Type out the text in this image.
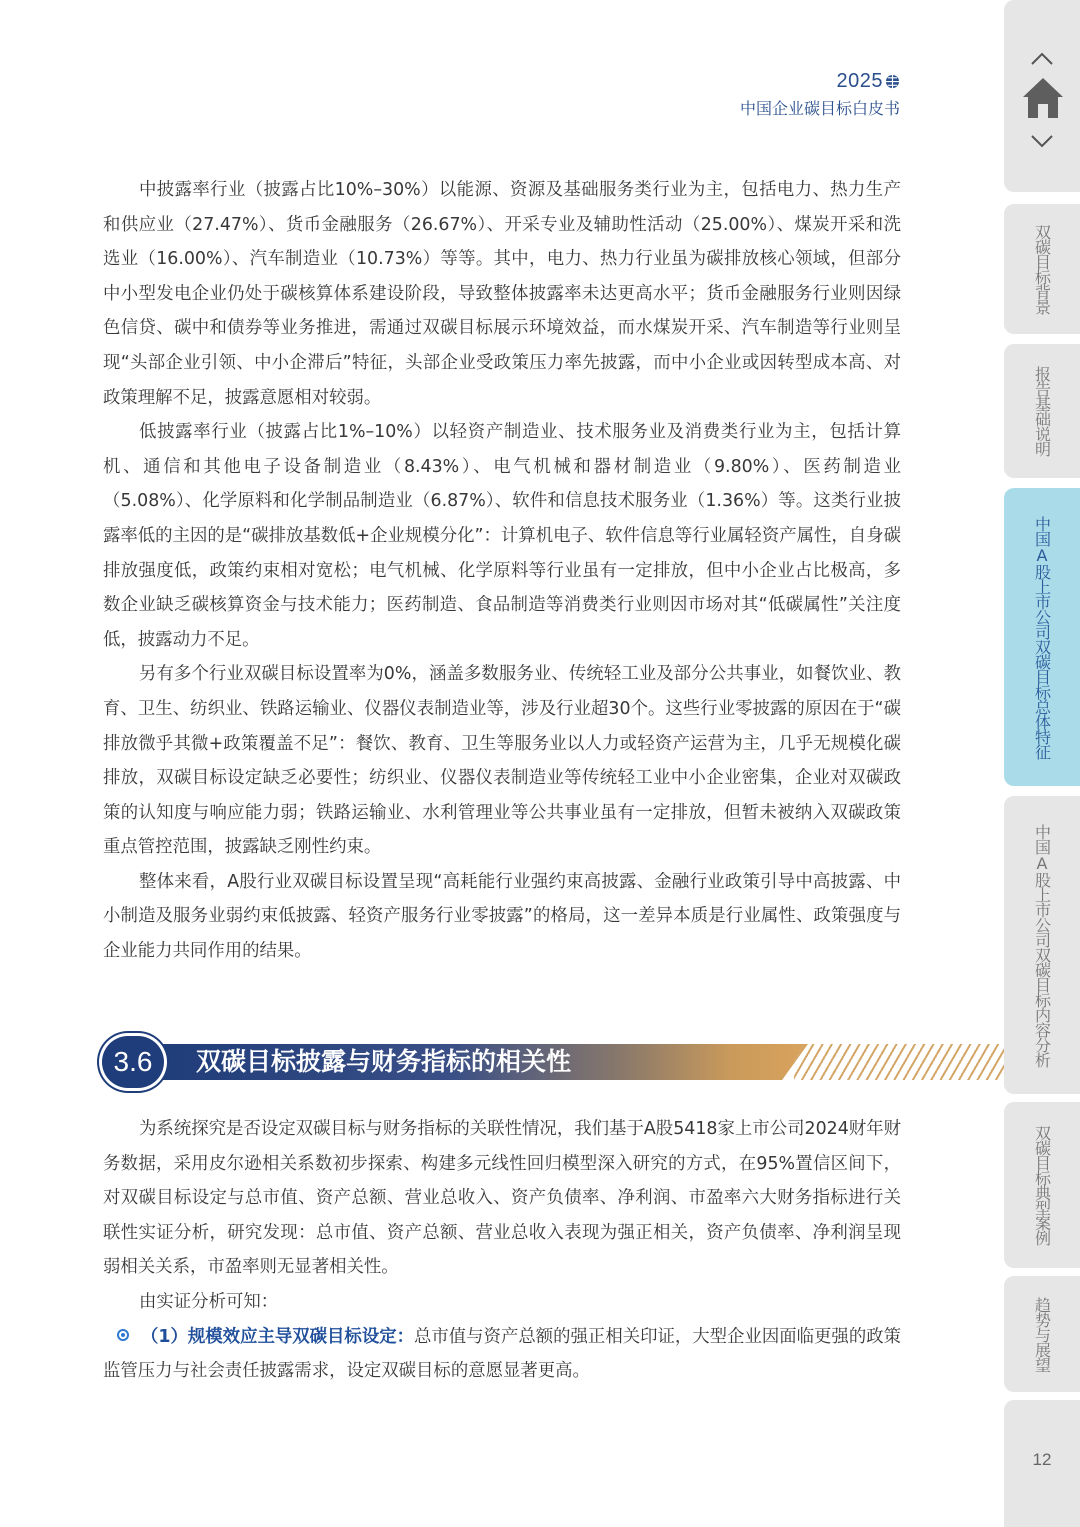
2025
中国企业碳目标白皮书

中披露率行业（披露占比10%–30%）以能源、资源及基础服务类行业为主，包括电力、热力生产和供应业（27.47%）、货币金融服务（26.67%）、开采专业及辅助性活动（25.00%）、煤炭开采和洗选业（16.00%）、汽车制造业（10.73%）等等。其中，电力、热力行业虽为碳排放核心领域，但部分中小型发电企业仍处于碳核算体系建设阶段，导致整体披露率未达更高水平；货币金融服务行业则因绿色信贷、碳中和债券等业务推进，需通过双碳目标展示环境效益，而水煤炭开采、汽车制造等行业则呈现“头部企业引领、中小企滞后”特征，头部企业受政策压力率先披露，而中小企业或因转型成本高、对政策理解不足，披露意愿相对较弱。

低披露率行业（披露占比1%–10%）以轻资产制造业、技术服务业及消费类行业为主，包括计算机、通信和其他电子设备制造业（8.43%）、电气机械和器材制造业（9.80%）、医药制造业（5.08%）、化学原料和化学制品制造业（6.87%）、软件和信息技术服务业（1.36%）等。这类行业披露率低的主因的是“碳排放基数低+企业规模分化”：计算机电子、软件信息等行业属轻资产属性，自身碳排放强度低，政策约束相对宽松；电气机械、化学原料等行业虽有一定排放，但中小企业占比极高，多数企业缺乏碳核算资金与技术能力；医药制造、食品制造等消费类行业则因市场对其“低碳属性”关注度低，披露动力不足。

另有多个行业双碳目标设置率为0%，涵盖多数服务业、传统轻工业及部分公共事业，如餐饮业、教育、卫生、纺织业、铁路运输业、仪器仪表制造业等，涉及行业超30个。这些行业零披露的原因在于“碳排放微乎其微+政策覆盖不足”：餐饮、教育、卫生等服务业以人力或轻资产运营为主，几乎无规模化碳排放，双碳目标设定缺乏必要性；纺织业、仪器仪表制造业等传统轻工业中小企业密集，企业对双碳政策的认知度与响应能力弱；铁路运输业、水利管理业等公共事业虽有一定排放，但暂未被纳入双碳政策重点管控范围，披露缺乏刚性约束。

整体来看，A股行业双碳目标设置呈现“高耗能行业强约束高披露、金融行业政策引导中高披露、中小制造及服务业弱约束低披露、轻资产服务行业零披露”的格局，这一差异本质是行业属性、政策强度与企业能力共同作用的结果。

3.6	双碳目标披露与财务指标的相关性

为系统探究是否设定双碳目标与财务指标的关联性情况，我们基于A股5418家上市公司2024财年财务数据，采用皮尔逊相关系数初步探索、构建多元线性回归模型深入研究的方式，在95%置信区间下，对双碳目标设定与总市值、资产总额、营业总收入、资产负债率、净利润、市盈率六大财务指标进行关联性实证分析，研究发现：总市值、资产总额、营业总收入表现为强正相关，资产负债率、净利润呈现弱相关关系，市盈率则无显著相关性。

由实证分析可知：

（1）规模效应主导双碳目标设定：总市值与资产总额的强正相关印证，大型企业因面临更强的政策监管压力与社会责任披露需求，设定双碳目标的意愿显著更高。

双碳目标背景
报告基础说明
中国A股上市公司双碳目标总体特征
中国A股上市公司双碳目标内容分析
双碳目标典型案例
趋势与展望
12
